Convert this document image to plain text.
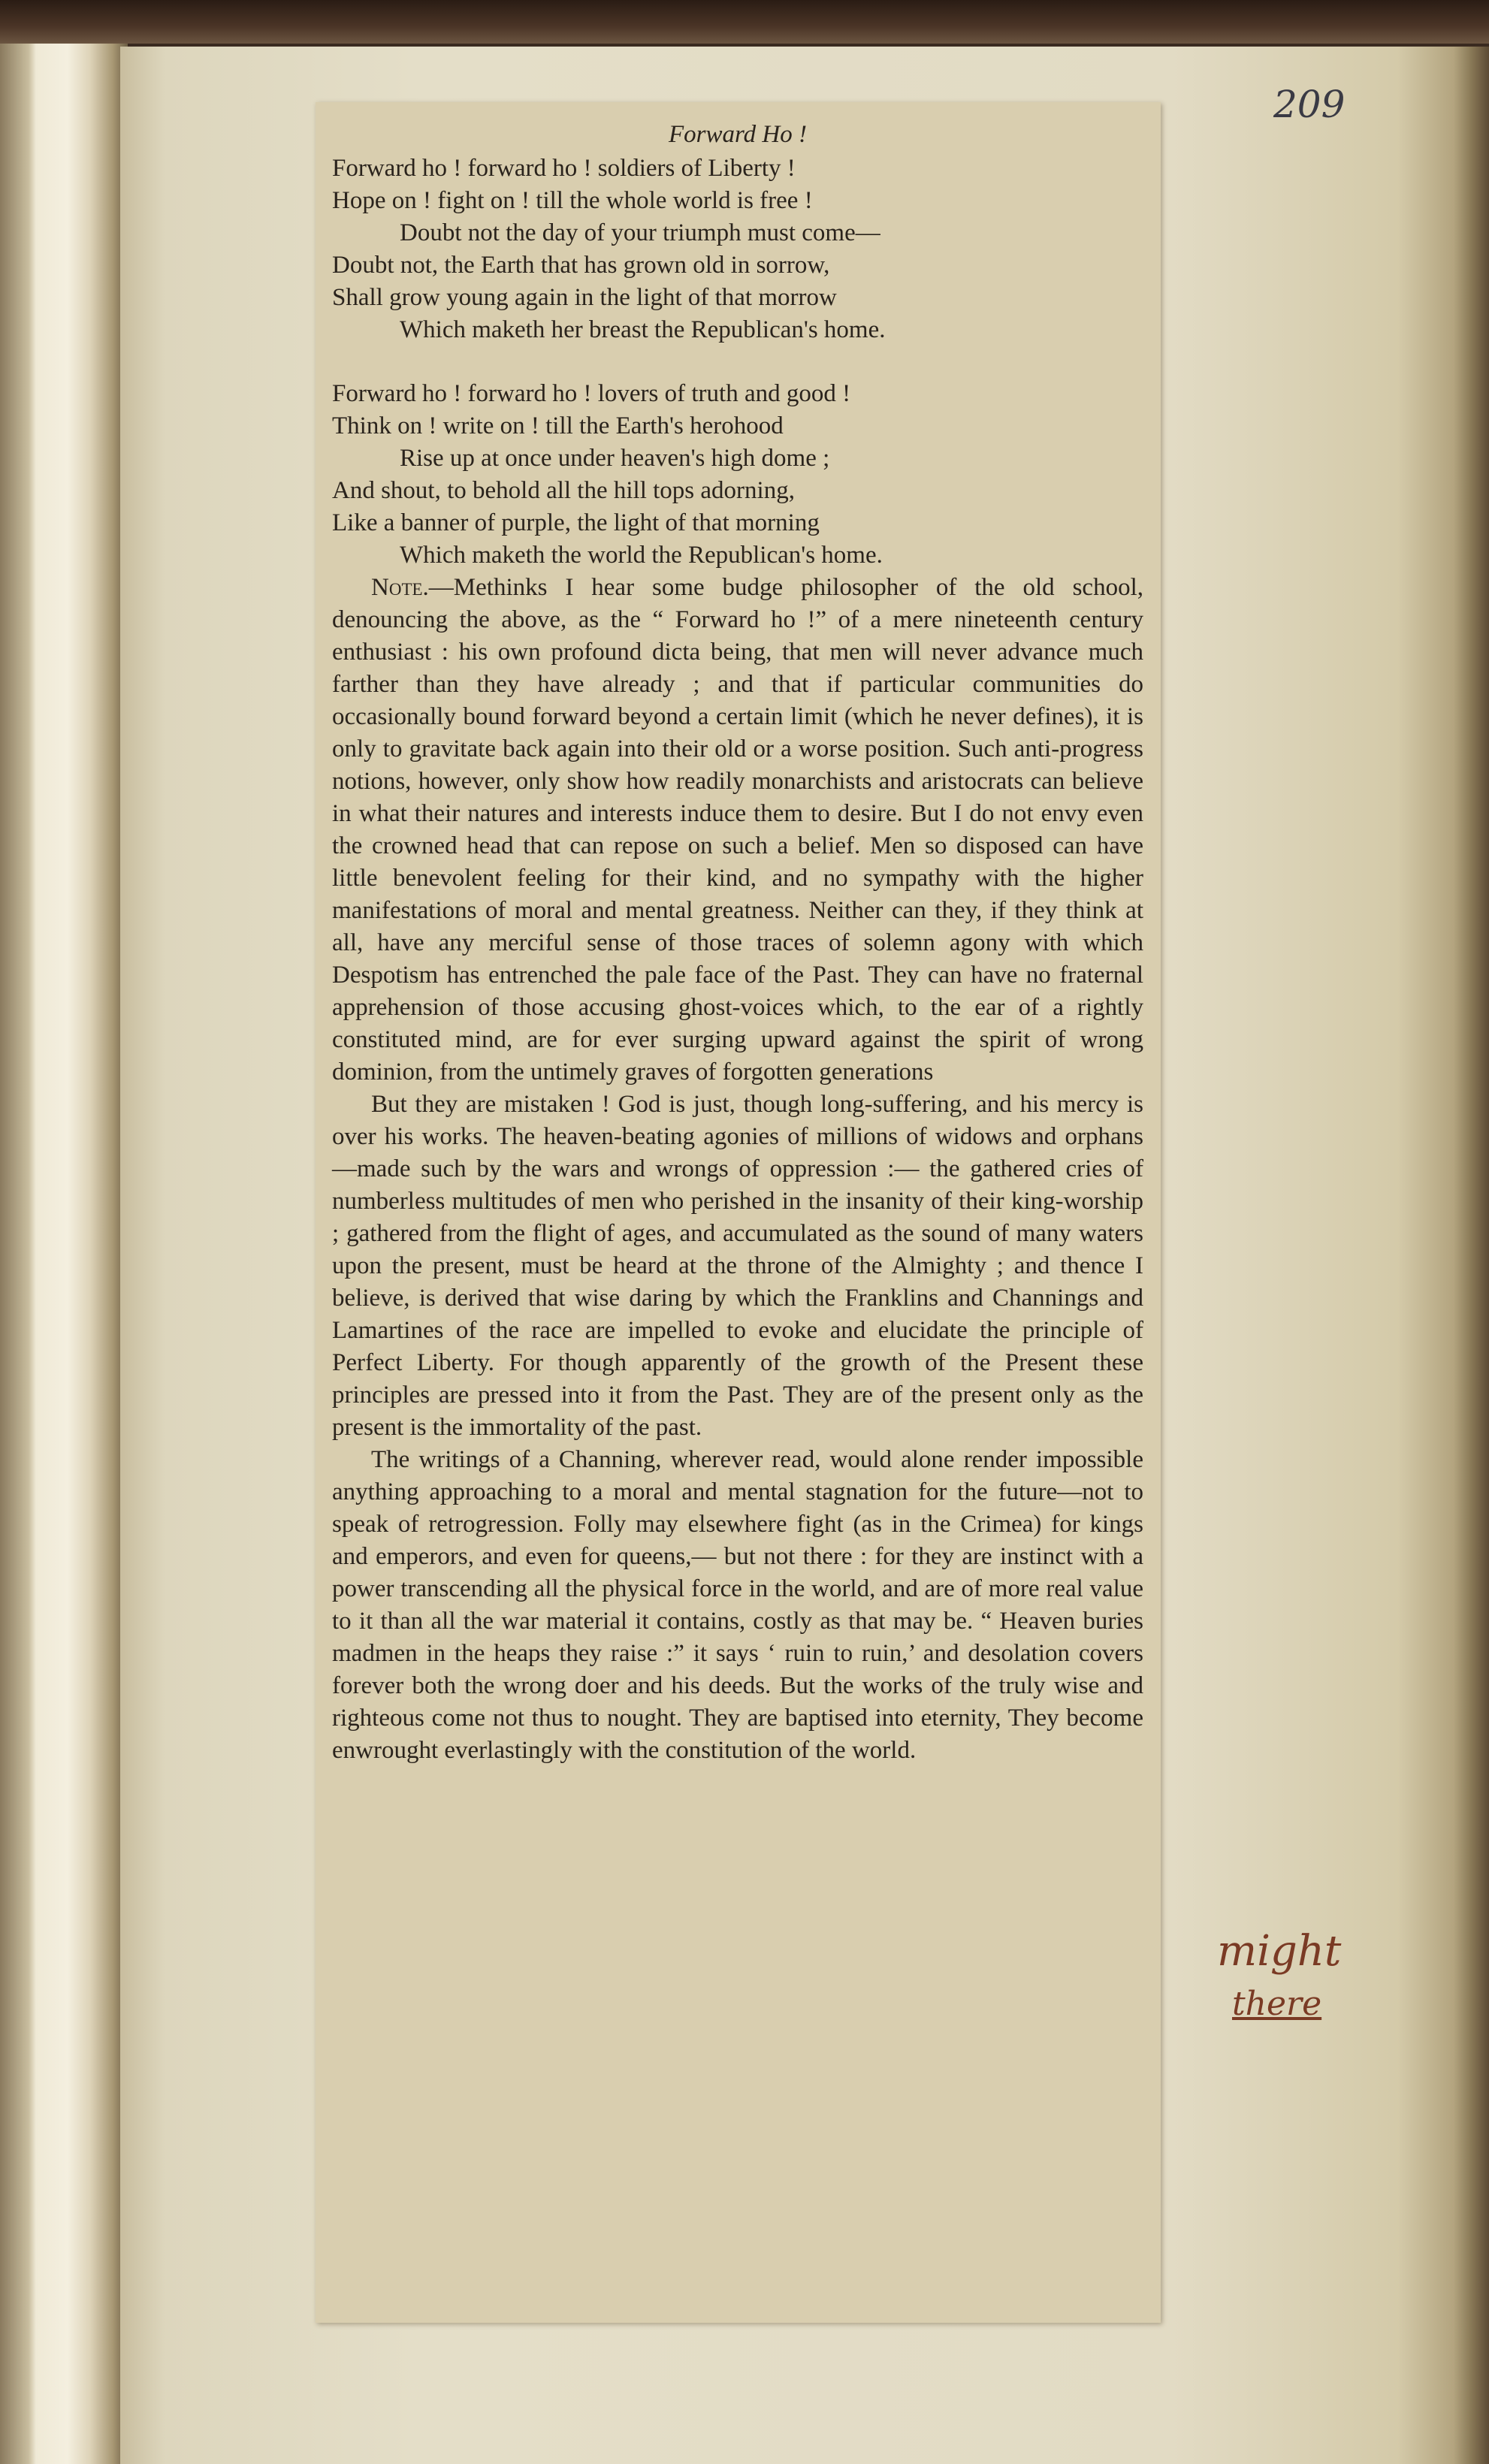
209
Forward Ho !
Forward ho ! forward ho ! soldiers of Liberty !
Hope on ! fight on ! till the whole world is free !
Doubt not the day of your triumph must come—
Doubt not, the Earth that has grown old in sorrow,
Shall grow young again in the light of that morrow
Which maketh her breast the Republican's home.
Forward ho ! forward ho ! lovers of truth and good !
Think on ! write on ! till the Earth's herohood
Rise up at once under heaven's high dome ;
And shout, to behold all the hill tops adorning,
Like a banner of purple, the light of that morning
Which maketh the world the Republican's home.

Note.—Methinks I hear some budge philosopher of the old school, denouncing the above, as the “ Forward ho !” of a mere nineteenth century enthusiast : his own profound dicta being, that men will never advance much farther than they have already ; and that if particular communities do occasionally bound forward beyond a certain limit (which he never defines), it is only to gravitate back again into their old or a worse position. Such anti-progress notions, however, only show how readily monarchists and aristocrats can believe in what their natures and interests induce them to desire. But I do not envy even the crowned head that can repose on such a belief. Men so disposed can have little benevolent feeling for their kind, and no sympathy with the higher manifestations of moral and mental greatness. Neither can they, if they think at all, have any merciful sense of those traces of solemn agony with which Despotism has entrenched the pale face of the Past. They can have no fraternal apprehension of those accusing ghost-voices which, to the ear of a rightly constituted mind, are for ever surging upward against the spirit of wrong dominion, from the untimely graves of forgotten generations

But they are mistaken ! God is just, though long-suffering, and his mercy is over his works. The heaven-beating agonies of millions of widows and orphans —made such by the wars and wrongs of oppression :— the gathered cries of numberless multitudes of men who perished in the insanity of their king-worship ; gathered from the flight of ages, and accumulated as the sound of many waters upon the present, must be heard at the throne of the Almighty ; and thence I believe, is derived that wise daring by which the Franklins and Channings and Lamartines of the race are impelled to evoke and elucidate the principle of Perfect Liberty. For though apparently of the growth of the Present these principles are pressed into it from the Past. They are of the present only as the present is the immortality of the past.

The writings of a Channing, wherever read, would alone render impossible anything approaching to a moral and mental stagnation for the future—not to speak of retrogression. Folly may elsewhere fight (as in the Crimea) for kings and emperors, and even for queens,— but not there : for they are instinct with a power transcending all the physical force in the world, and are of more real value to it than all the war material it contains, costly as that may be. “ Heaven buries madmen in the heaps they raise :” it says ‘ ruin to ruin,’ and desolation covers forever both the wrong doer and his deeds. But the works of the truly wise and righteous come not thus to nought. They are baptised into eternity, They become enwrought everlastingly with the constitution of the world.

might
there
